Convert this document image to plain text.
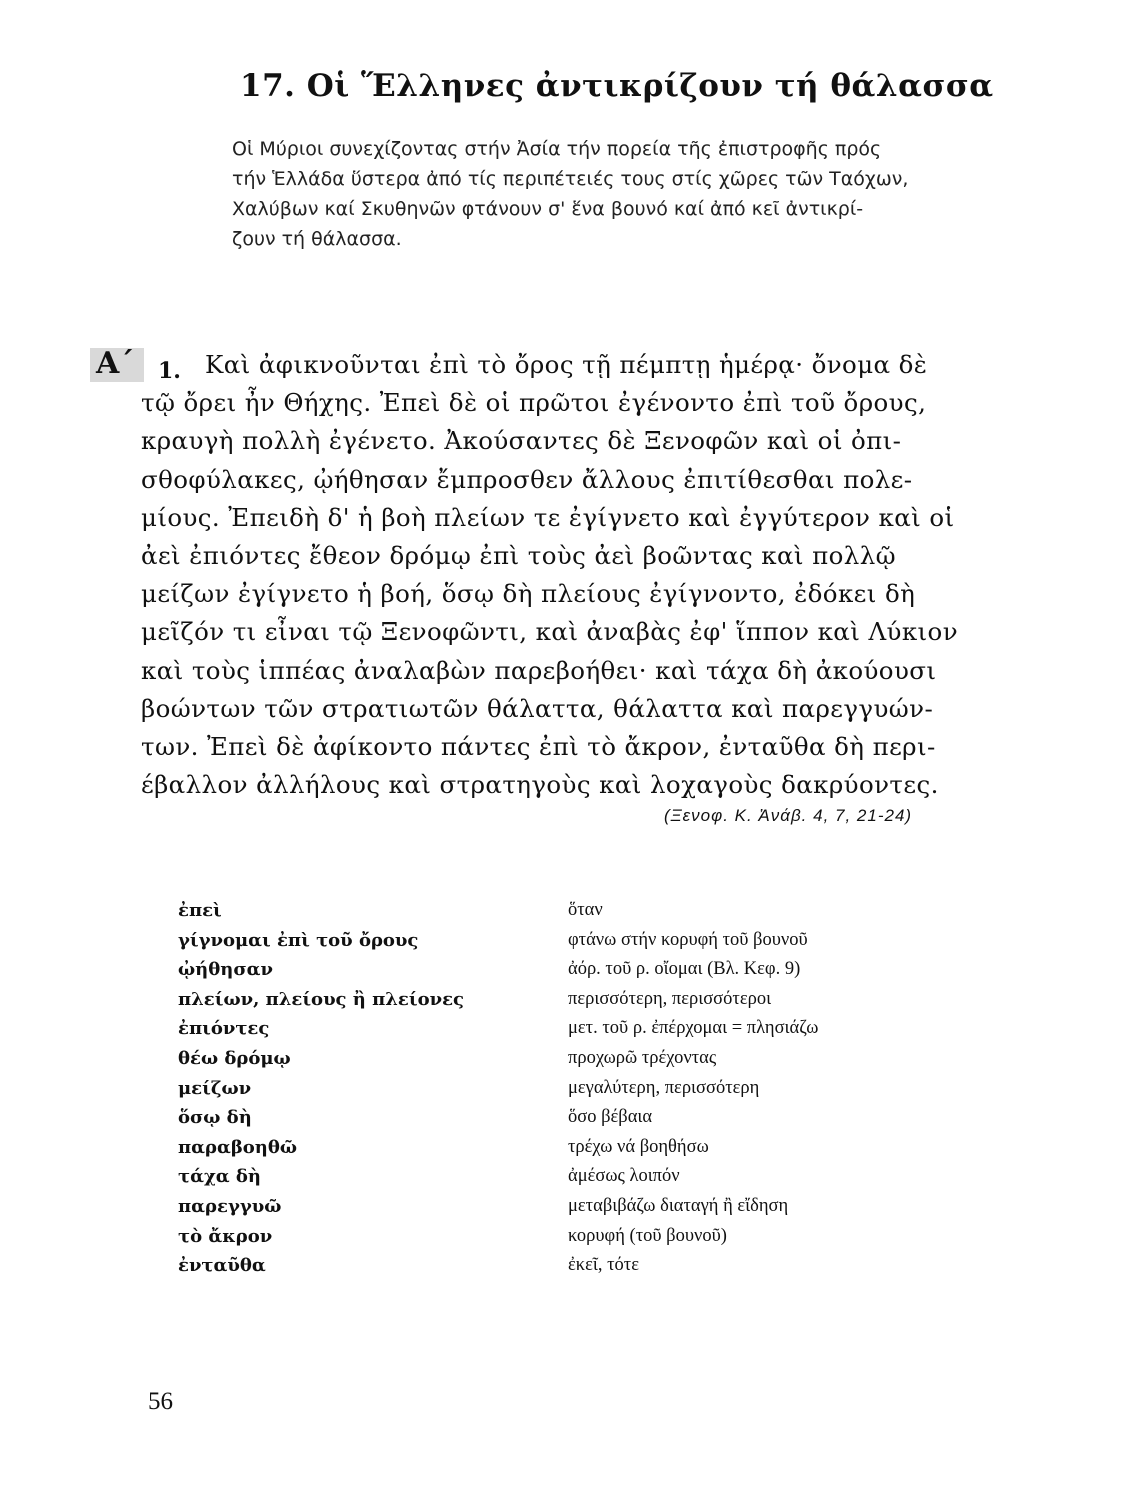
17. Οἱ Ἕλληνες ἀντικρίζουν τή θάλασσα
Οἱ Μύριοι συνεχίζοντας στήν Ἀσία τήν πορεία τῆς ἐπιστροφῆς πρός
τήν Ἑλλάδα ὕστερα ἀπό τίς περιπέτειές τους στίς χῶρες τῶν Ταόχων,
Χαλύβων καί Σκυθηνῶν φτάνουν σ' ἕνα βουνό καί ἀπό κεῖ ἀντικρί-
ζουν τή θάλασσα.
Α΄ 1. Καὶ ἀφικνοῦνται ἐπὶ τὸ ὄρος τῇ πέμπτῃ ἡμέρᾳ· ὄνομα δὲ
τῷ ὄρει ἦν Θήχης. Ἐπεὶ δὲ οἱ πρῶτοι ἐγένοντο ἐπὶ τοῦ ὄρους,
κραυγὴ πολλὴ ἐγένετο. Ἀκούσαντες δὲ Ξενοφῶν καὶ οἱ ὀπι-
σθοφύλακες, ᾠήθησαν ἔμπροσθεν ἄλλους ἐπιτίθεσθαι πολε-
μίους. Ἐπειδὴ δ' ἡ βοὴ πλείων τε ἐγίγνετο καὶ ἐγγύτερον καὶ οἱ
ἀεὶ ἐπιόντες ἔθεον δρόμῳ ἐπὶ τοὺς ἀεὶ βοῶντας καὶ πολλῷ
μείζων ἐγίγνετο ἡ βοή, ὅσῳ δὴ πλείους ἐγίγνοντο, ἐδόκει δὴ
μεῖζόν τι εἶναι τῷ Ξενοφῶντι, καὶ ἀναβὰς ἐφ' ἵππον καὶ Λύκιον
καὶ τοὺς ἱππέας ἀναλαβὼν παρεβοήθει· καὶ τάχα δὴ ἀκούουσι
βοώντων τῶν στρατιωτῶν θάλαττα, θάλαττα καὶ παρεγγυών-
των. Ἐπεὶ δὲ ἀφίκοντο πάντες ἐπὶ τὸ ἄκρον, ἐνταῦθα δὴ περι-
έβαλλον ἀλλήλους καὶ στρατηγοὺς καὶ λοχαγοὺς δακρύοντες.
(Ξενοφ. Κ. Ἀνάβ. 4, 7, 21-24)
ἐπεὶ	ὅταν
γίγνομαι ἐπὶ τοῦ ὄρους	φτάνω στήν κορυφή τοῦ βουνοῦ
ᾠήθησαν	ἀόρ. τοῦ ρ. οἴομαι (Βλ. Κεφ. 9)
πλείων, πλείους ἢ πλείονες	περισσότερη, περισσότεροι
ἐπιόντες	μετ. τοῦ ρ. ἐπέρχομαι = πλησιάζω
θέω δρόμῳ	προχωρῶ τρέχοντας
μείζων	μεγαλύτερη, περισσότερη
ὅσῳ δὴ	ὅσο βέβαια
παραβοηθῶ	τρέχω νά βοηθήσω
τάχα δὴ	ἀμέσως λοιπόν
παρεγγυῶ	μεταβιβάζω διαταγή ἢ εἴδηση
τὸ ἄκρον	κορυφή (τοῦ βουνοῦ)
ἐνταῦθα	ἐκεῖ, τότε
56
